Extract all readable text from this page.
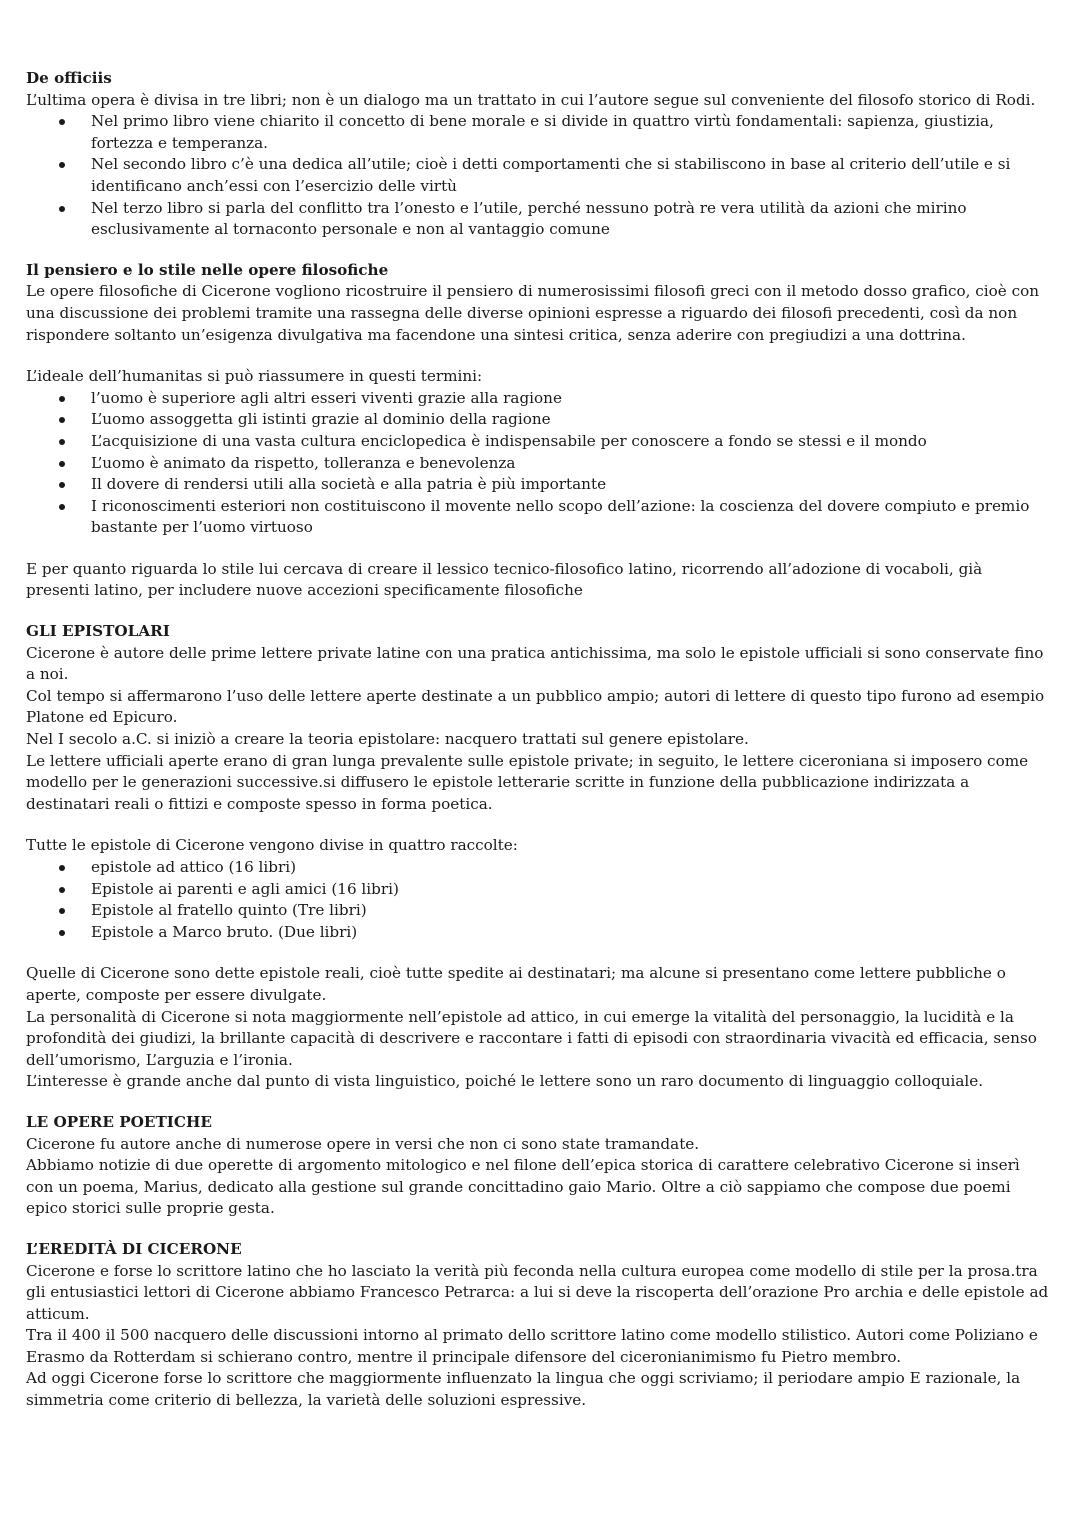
De officiis

L’ultima opera è divisa in tre libri; non è un dialogo ma un trattato in cui l’autore segue sul conveniente del filosofo storico di Rodi.

Nel primo libro viene chiarito il concetto di bene morale e si divide in quattro virtù fondamentali: sapienza, giustizia, fortezza e temperanza.
Nel secondo libro c’è una dedica all’utile; cioè i detti comportamenti che si stabiliscono in base al criterio dell’utile e si identificano anch’essi con l’esercizio delle virtù
Nel terzo libro si parla del conflitto tra l’onesto e l’utile, perché nessuno potrà re vera utilità da azioni che mirino esclusivamente al tornaconto personale e non al vantaggio comune

Il pensiero e lo stile nelle opere filosofiche

Le opere filosofiche di Cicerone vogliono ricostruire il pensiero di numerosissimi filosofi greci con il metodo dosso grafico, cioè con una discussione dei problemi tramite una rassegna delle diverse opinioni espresse a riguardo dei filosofi precedenti, così da non rispondere soltanto un’esigenza divulgativa ma facendone una sintesi critica, senza aderire con pregiudizi a una dottrina.

L’ideale dell’humanitas si può riassumere in questi termini:

l’uomo è superiore agli altri esseri viventi grazie alla ragione
L’uomo assoggetta gli istinti grazie al dominio della ragione
L’acquisizione di una vasta cultura enciclopedica è indispensabile per conoscere a fondo se stessi e il mondo
L’uomo è animato da rispetto, tolleranza e benevolenza
Il dovere di rendersi utili alla società e alla patria è più importante
I riconoscimenti esteriori non costituiscono il movente nello scopo dell’azione: la coscienza del dovere compiuto e premio bastante per l’uomo virtuoso

E per quanto riguarda lo stile lui cercava di creare il lessico tecnico-filosofico latino, ricorrendo all’adozione di vocaboli, già presenti latino, per includere nuove accezioni specificamente filosofiche

GLI EPISTOLARI

Cicerone è autore delle prime lettere private latine con una pratica antichissima, ma solo le epistole ufficiali si sono conservate fino a noi.

Col tempo si affermarono l’uso delle lettere aperte destinate a un pubblico ampio; autori di lettere di questo tipo furono ad esempio Platone ed Epicuro.

Nel I secolo a.C. si iniziò a creare la teoria epistolare: nacquero trattati sul genere epistolare.

Le lettere ufficiali aperte erano di gran lunga prevalente sulle epistole private; in seguito, le lettere ciceroniana si imposero come modello per le generazioni successive.si diffusero le epistole letterarie scritte in funzione della pubblicazione indirizzata a destinatari reali o fittizi e composte spesso in forma poetica.

Tutte le epistole di Cicerone vengono divise in quattro raccolte:

epistole ad attico (16 libri)
Epistole ai parenti e agli amici (16 libri)
Epistole al fratello quinto (Tre libri)
Epistole a Marco bruto. (Due libri)

Quelle di Cicerone sono dette epistole reali, cioè tutte spedite ai destinatari; ma alcune si presentano come lettere pubbliche o aperte, composte per essere divulgate.

La personalità di Cicerone si nota maggiormente nell’epistole ad attico, in cui emerge la vitalità del personaggio, la lucidità e la profondità dei giudizi, la brillante capacità di descrivere e raccontare i fatti di episodi con straordinaria vivacità ed efficacia, senso dell’umorismo, L’arguzia e l’ironia.

L’interesse è grande anche dal punto di vista linguistico, poiché le lettere sono un raro documento di linguaggio colloquiale.

LE OPERE POETICHE

Cicerone fu autore anche di numerose opere in versi che non ci sono state tramandate.

Abbiamo notizie di due operette di argomento mitologico e nel filone dell’epica storica di carattere celebrativo Cicerone si inserì con un poema, Marius, dedicato alla gestione sul grande concittadino gaio Mario. Oltre a ciò sappiamo che compose due poemi epico storici sulle proprie gesta.

L’EREDITÀ DI CICERONE

Cicerone e forse lo scrittore latino che ho lasciato la verità più feconda nella cultura europea come modello di stile per la prosa.tra gli entusiastici lettori di Cicerone abbiamo Francesco Petrarca: a lui si deve la riscoperta dell’orazione Pro archia e delle epistole ad atticum.

Tra il 400 il 500 nacquero delle discussioni intorno al primato dello scrittore latino come modello stilistico. Autori come Poliziano e Erasmo da Rotterdam si schierano contro, mentre il principale difensore del ciceronianimismo fu Pietro membro.

Ad oggi Cicerone forse lo scrittore che maggiormente influenzato la lingua che oggi scriviamo; il periodare ampio E razionale, la simmetria come criterio di bellezza, la varietà delle soluzioni espressive.
